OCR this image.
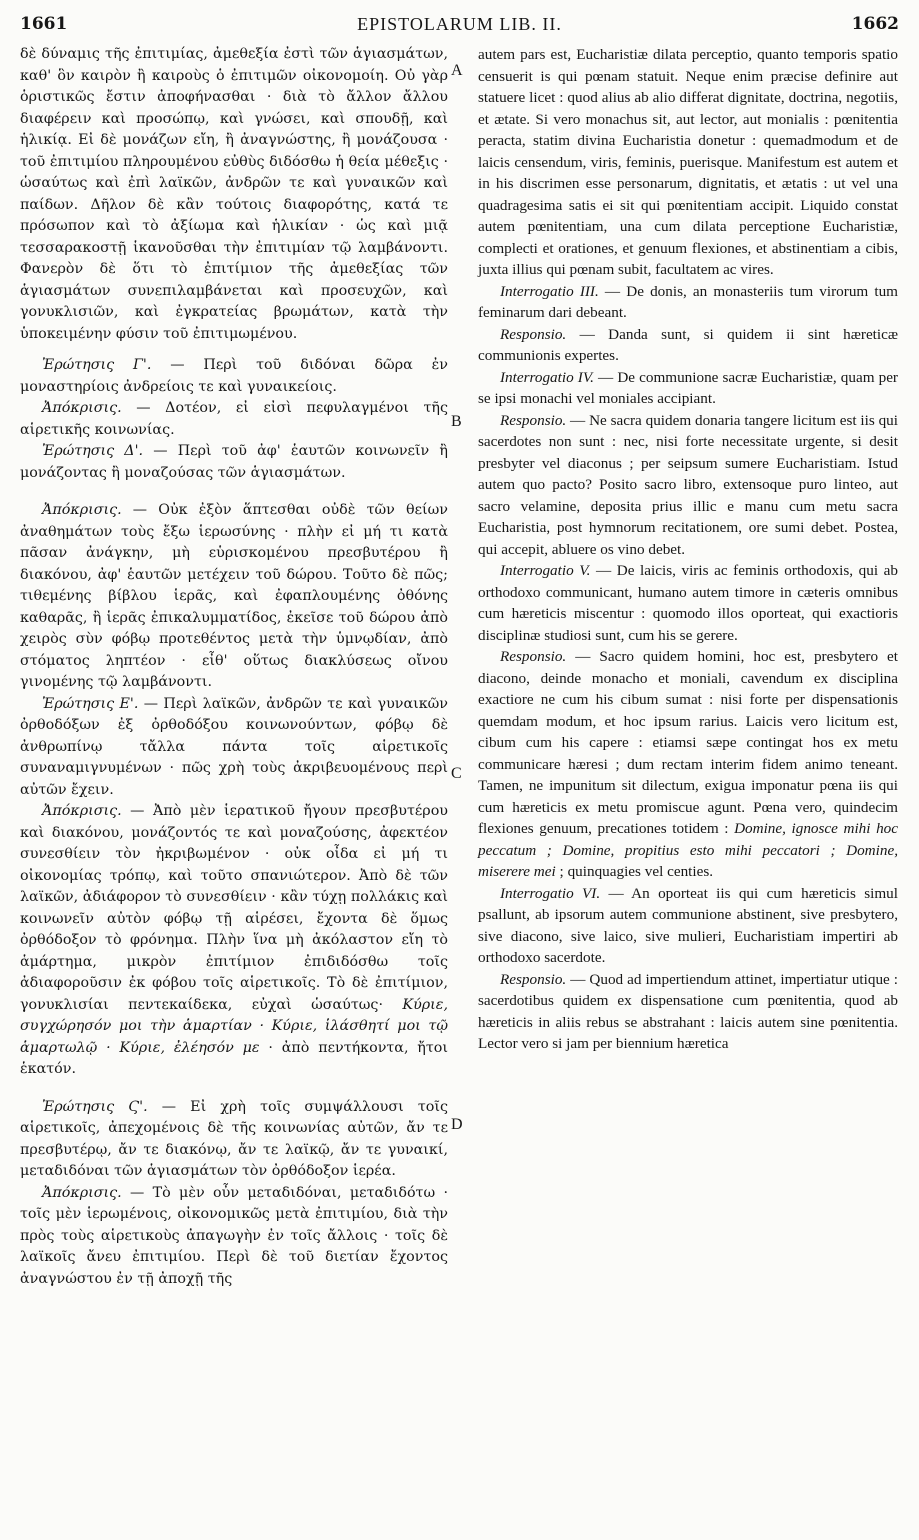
1661	EPISTOLARUM LIB. II.	1662
A
B
C
D

δὲ δύναμις τῆς ἐπιτιμίας, ἀμεθεξία ἐστὶ τῶν ἁγιασμάτων, καθ' ὃν καιρὸν ἢ καιροὺς ὁ ἐπιτιμῶν οἰκονομοίη. Οὐ γὰρ ὁριστικῶς ἔστιν ἀποφήνασθαι · διὰ τὸ ἄλλον ἄλλου διαφέρειν καὶ προσώπῳ, καὶ γνώσει, καὶ σπουδῇ, καὶ ἡλικίᾳ. Εἰ δὲ μονάζων εἴη, ἢ ἀναγνώστης, ἢ μονάζουσα · τοῦ ἐπιτιμίου πληρουμένου εὐθὺς διδόσθω ἡ θεία μέθεξις · ὡσαύτως καὶ ἐπὶ λαϊκῶν, ἀνδρῶν τε καὶ γυναικῶν καὶ παίδων. Δῆλον δὲ κἂν τούτοις διαφορότης, κατά τε πρόσωπον καὶ τὸ ἀξίωμα καὶ ἡλικίαν · ὡς καὶ μιᾷ τεσσαρακοστῇ ἱκανοῦσθαι τὴν ἐπιτιμίαν τῷ λαμβάνοντι. Φανερὸν δὲ ὅτι τὸ ἐπιτίμιον τῆς ἀμεθεξίας τῶν ἁγιασμάτων συνεπιλαμβάνεται καὶ προσευχῶν, καὶ γονυκλισιῶν, καὶ ἐγκρατείας βρωμάτων, κατὰ τὴν ὑποκειμένην φύσιν τοῦ ἐπιτιμωμένου.

Ἐρώτησις Γ'. — Περὶ τοῦ διδόναι δῶρα ἐν μοναστηρίοις ἀνδρείοις τε καὶ γυναικείοις.

Ἀπόκρισις. — Δοτέον, εἰ εἰσὶ πεφυλαγμένοι τῆς αἱρετικῆς κοινωνίας.

Ἐρώτησις Δ'. — Περὶ τοῦ ἀφ' ἑαυτῶν κοινωνεῖν ἢ μονάζοντας ἢ μοναζούσας τῶν ἁγιασμάτων.

Ἀπόκρισις. — Οὐκ ἐξὸν ἅπτεσθαι οὐδὲ τῶν θείων ἀναθημάτων τοὺς ἔξω ἱερωσύνης · πλὴν εἰ μή τι κατὰ πᾶσαν ἀνάγκην, μὴ εὑρισκομένου πρεσβυτέρου ἢ διακόνου, ἀφ' ἑαυτῶν μετέχειν τοῦ δώρου. Τοῦτο δὲ πῶς; τιθεμένης βίβλου ἱερᾶς, καὶ ἐφαπλουμένης ὀθόνης καθαρᾶς, ἢ ἱερᾶς ἐπικαλυμματίδος, ἐκεῖσε τοῦ δώρου ἀπὸ χειρὸς σὺν φόβῳ προτεθέντος μετὰ τὴν ὑμνῳδίαν, ἀπὸ στόματος ληπτέον · εἶθ' οὕτως διακλύσεως οἴνου γινομένης τῷ λαμβάνοντι.

Ἐρώτησις Ε'. — Περὶ λαϊκῶν, ἀνδρῶν τε καὶ γυναικῶν ὀρθοδόξων ἐξ ὀρθοδόξου κοινωνούντων, φόβῳ δὲ ἀνθρωπίνῳ τἄλλα πάντα τοῖς αἱρετικοῖς συναναμιγνυμένων · πῶς χρὴ τοὺς ἀκριβευομένους περὶ αὐτῶν ἔχειν.

Ἀπόκρισις. — Ἀπὸ μὲν ἱερατικοῦ ἤγουν πρεσβυτέρου καὶ διακόνου, μονάζοντός τε καὶ μοναζούσης, ἀφεκτέον συνεσθίειν τὸν ἠκριβωμένον · οὐκ οἶδα εἰ μή τι οἰκονομίας τρόπῳ, καὶ τοῦτο σπανιώτερον. Ἀπὸ δὲ τῶν λαϊκῶν, ἀδιάφορον τὸ συνεσθίειν · κἂν τύχῃ πολλάκις καὶ κοινωνεῖν αὐτὸν φόβῳ τῇ αἱρέσει, ἔχοντα δὲ ὅμως ὀρθόδοξον τὸ φρόνημα. Πλὴν ἵνα μὴ ἀκόλαστον εἴη τὸ ἁμάρτημα, μικρὸν ἐπιτίμιον ἐπιδιδόσθω τοῖς ἀδιαφοροῦσιν ἐκ φόβου τοῖς αἱρετικοῖς. Τὸ δὲ ἐπιτίμιον, γονυκλισίαι πεντεκαίδεκα, εὐχαὶ ὡσαύτως· Κύριε, συγχώρησόν μοι τὴν ἁμαρτίαν · Κύριε, ἱλάσθητί μοι τῷ ἁμαρτωλῷ · Κύριε, ἐλέησόν με · ἀπὸ πεντήκοντα, ἤτοι ἑκατόν.

Ἐρώτησις Ϛ'. — Εἰ χρὴ τοῖς συμψάλλουσι τοῖς αἱρετικοῖς, ἀπεχομένοις δὲ τῆς κοινωνίας αὐτῶν, ἄν τε πρεσβυτέρῳ, ἄν τε διακόνῳ, ἄν τε λαϊκῷ, ἄν τε γυναικί, μεταδιδόναι τῶν ἁγιασμάτων τὸν ὀρθόδοξον ἱερέα.

Ἀπόκρισις. — Τὸ μὲν οὖν μεταδιδόναι, μεταδιδότω · τοῖς μὲν ἱερωμένοις, οἰκονομικῶς μετὰ ἐπιτιμίου, διὰ τὴν πρὸς τοὺς αἱρετικοὺς ἀπαγωγὴν ἐν τοῖς ἄλλοις · τοῖς δὲ λαϊκοῖς ἄνευ ἐπιτιμίου. Περὶ δὲ τοῦ διετίαν ἔχοντος ἀναγνώστου ἐν τῇ ἀποχῇ τῆς

autem pars est, Eucharistiæ dilata perceptio, quanto temporis spatio censuerit is qui pœnam statuit. Neque enim præcise definire aut statuere licet : quod alius ab alio differat dignitate, doctrina, negotiis, et ætate. Si vero monachus sit, aut lector, aut monialis : pœnitentia peracta, statim divina Eucharistia donetur : quemadmodum et de laicis censendum, viris, feminis, puerisque. Manifestum est autem et in his discrimen esse personarum, dignitatis, et ætatis : ut vel una quadragesima satis ei sit qui pœnitentiam accipit. Liquido constat autem pœnitentiam, una cum dilata perceptione Eucharistiæ, complecti et orationes, et genuum flexiones, et abstinentiam a cibis, juxta illius qui pœnam subit, facultatem ac vires.

Interrogatio III. — De donis, an monasteriis tum virorum tum feminarum dari debeant.

Responsio. — Danda sunt, si quidem ii sint hæreticæ communionis expertes.

Interrogatio IV. — De communione sacræ Eucharistiæ, quam per se ipsi monachi vel moniales accipiant.

Responsio. — Ne sacra quidem donaria tangere licitum est iis qui sacerdotes non sunt : nec, nisi forte necessitate urgente, si desit presbyter vel diaconus ; per seipsum sumere Eucharistiam. Istud autem quo pacto? Posito sacro libro, extensoque puro linteo, aut sacro velamine, deposita prius illic e manu cum metu sacra Eucharistia, post hymnorum recitationem, ore sumi debet. Postea, qui accepit, abluere os vino debet.

Interrogatio V. — De laicis, viris ac feminis orthodoxis, qui ab orthodoxo communicant, humano autem timore in cæteris omnibus cum hæreticis miscentur : quomodo illos oporteat, qui exactioris disciplinæ studiosi sunt, cum his se gerere.

Responsio. — Sacro quidem homini, hoc est, presbytero et diacono, deinde monacho et moniali, cavendum ex disciplina exactiore ne cum his cibum sumat : nisi forte per dispensationis quemdam modum, et hoc ipsum rarius. Laicis vero licitum est, cibum cum his capere : etiamsi sæpe contingat hos ex metu communicare hæresi ; dum rectam interim fidem animo teneant. Tamen, ne impunitum sit dilectum, exigua imponatur pœna iis qui cum hæreticis ex metu promiscue agunt. Pœna vero, quindecim flexiones genuum, precationes totidem : Domine, ignosce mihi hoc peccatum ; Domine, propitius esto mihi peccatori ; Domine, miserere mei ; quinquagies vel centies.

Interrogatio VI. — An oporteat iis qui cum hæreticis simul psallunt, ab ipsorum autem communione abstinent, sive presbytero, sive diacono, sive laico, sive mulieri, Eucharistiam impertiri ab orthodoxo sacerdote.

Responsio. — Quod ad impertiendum attinet, impertiatur utique : sacerdotibus quidem ex dispensatione cum pœnitentia, quod ab hæreticis in aliis rebus se abstrahant : laicis autem sine pœnitentia. Lector vero si jam per biennium hæretica
